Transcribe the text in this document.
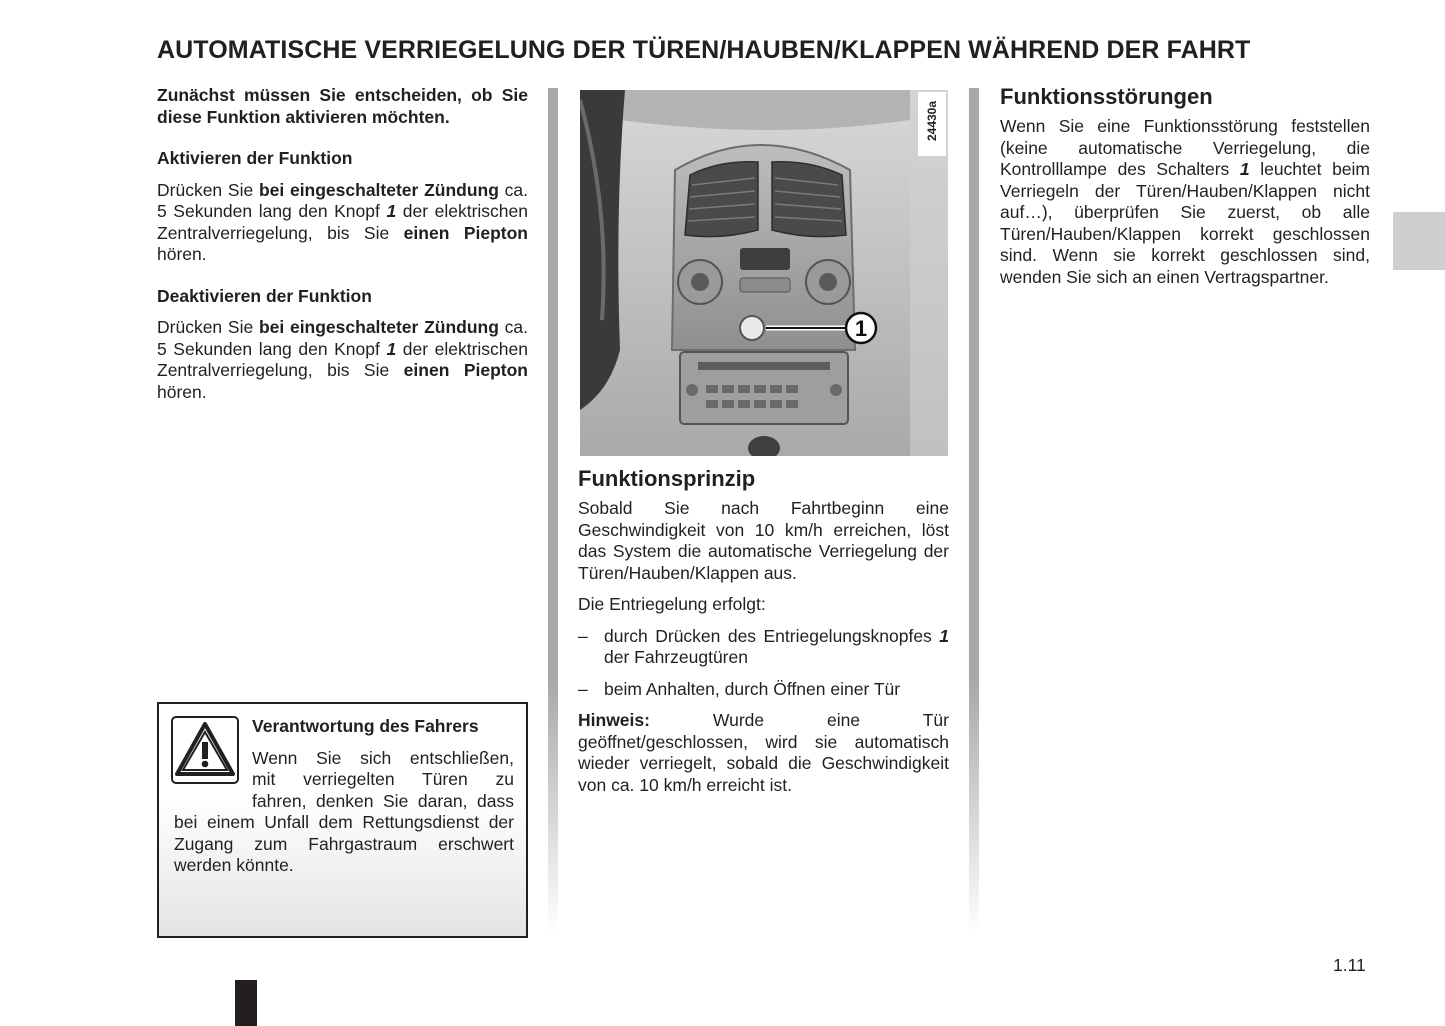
AUTOMATISCHE VERRIEGELUNG DER TÜREN/HAUBEN/KLAPPEN WÄHREND DER FAHRT

Zunächst müssen Sie entscheiden, ob Sie diese Funktion aktivieren möchten.

Aktivieren der Funktion

Drücken Sie bei eingeschalteter Zündung ca. 5 Sekunden lang den Knopf 1 der elektrischen Zentralverriegelung, bis Sie einen Piepton hören.

Deaktivieren der Funktion

Drücken Sie bei eingeschalteter Zündung ca. 5 Sekunden lang den Knopf 1 der elektrischen Zentralverriegelung, bis Sie einen Piepton hören.

Verantwortung des Fahrers

Wenn Sie sich entschließen,
mit verriegelten Türen zu
fahren, denken Sie daran, dass
bei einem Unfall dem Rettungsdienst der Zugang zum Fahrgastraum erschwert werden könnte.

1
24430a
Funktionsprinzip

Sobald Sie nach Fahrtbeginn eine Geschwindigkeit von 10 km/h erreichen, löst das System die automatische Verriegelung der Türen/Hauben/Klappen aus.

Die Entriegelung erfolgt:

– durch Drücken des Entriegelungsknopfes 1 der Fahrzeugtüren
– beim Anhalten, durch Öffnen einer Tür

Hinweis: Wurde eine Tür geöffnet/geschlossen, wird sie automatisch wieder verriegelt, sobald die Geschwindigkeit von ca. 10 km/h erreicht ist.

Funktionsstörungen

Wenn Sie eine Funktionsstörung feststellen (keine automatische Verriegelung, die Kontrolllampe des Schalters 1 leuchtet beim Verriegeln der Türen/Hauben/Klappen nicht auf…), überprüfen Sie zuerst, ob alle Türen/Hauben/Klappen korrekt geschlossen sind. Wenn sie korrekt geschlossen sind, wenden Sie sich an einen Vertragspartner.

1.11
